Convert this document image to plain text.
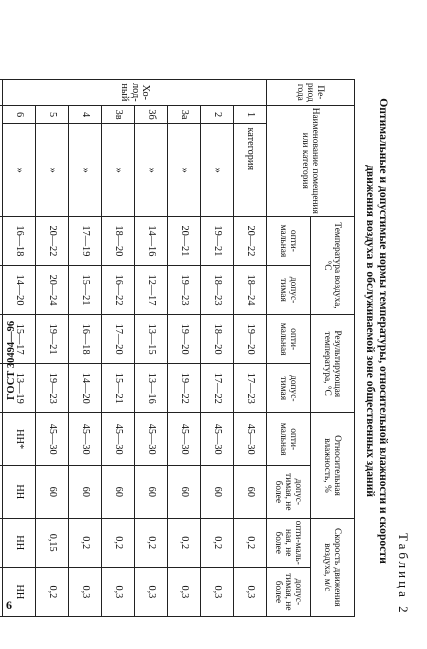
6	Таблица 2
Оптимальные и допустимые нормы температуры, относительной влажности и скорости
движения воздуха в обслуживаемой зоне общественных зданий
Пе-риод года	Наименование помещения или категория		Температура воздуха, °С		Результирующая температура, °С		Относительная влажность, %		Скорость движения воздуха, м/с	
			опти-мальная	допус-тимая	опти-мальная	допус-тимая	опти-мальная	допус-тимая, не более	опти-маль-ная, не более	допус-тимая, не более
Хо-лод-ный	1	категория	20—22	18—24	19—20	17—23	45—30	60	0,2	0,3
	2	»	19—21	18—23	18—20	17—22	45—30	60	0,2	0,3
	3а	»	20—21	19—23	19—20	19—22	45—30	60	0,2	0,3
	3б	»	14—16	12—17	13—15	13—16	45—30	60	0,2	0,3
	3в	»	18—20	16—22	17—20	15—21	45—30	60	0,2	0,3
	4	»	17—19	15—21	16—18	14—20	45—30	60	0,2	0,3
	5	»	20—22	20—24	19—21	19—23	45—30	60	0,15	0,2
	6	»	16—18	14—20	15—17	13—19	НН*	НН	НН	НН

ГОСТ 30494—96
